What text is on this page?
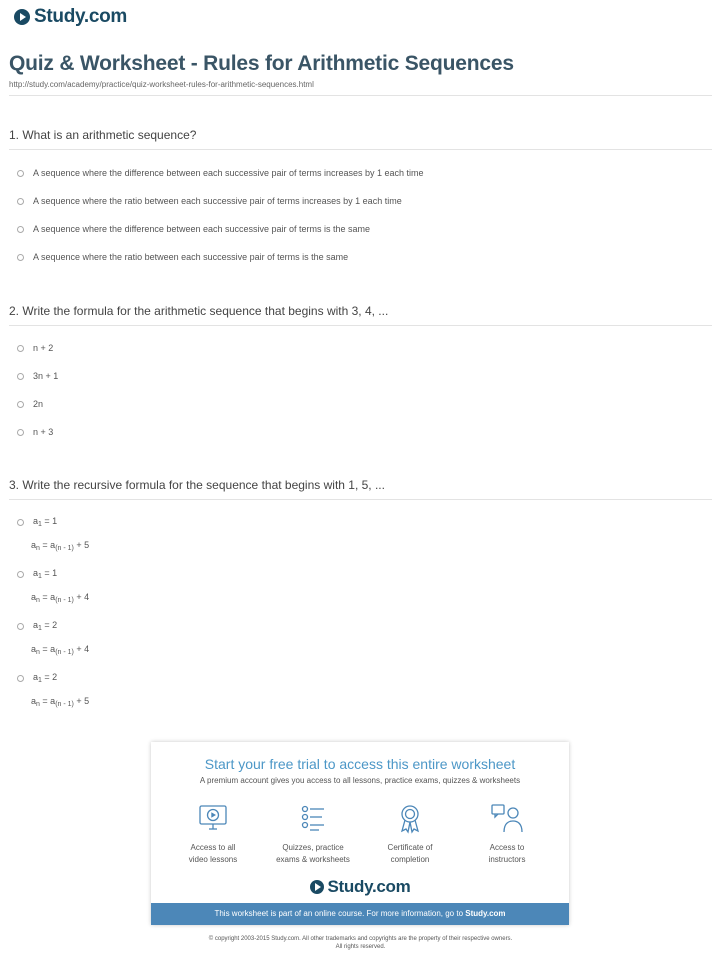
Study.com
Quiz & Worksheet - Rules for Arithmetic Sequences
http://study.com/academy/practice/quiz-worksheet-rules-for-arithmetic-sequences.html
1. What is an arithmetic sequence?
A sequence where the difference between each successive pair of terms increases by 1 each time
A sequence where the ratio between each successive pair of terms increases by 1 each time
A sequence where the difference between each successive pair of terms is the same
A sequence where the ratio between each successive pair of terms is the same
2. Write the formula for the arithmetic sequence that begins with 3, 4, ...
n + 2
3n + 1
2n
n + 3
3. Write the recursive formula for the sequence that begins with 1, 5, ...
$a_1 = 1$
$a_n = a_{(n - 1)} + 5$
$a_1 = 1$
$a_n = a_{(n - 1)} + 4$
$a_1 = 2$
$a_n = a_{(n - 1)} + 4$
$a_1 = 2$
$a_n = a_{(n - 1)} + 5$
Start your free trial to access this entire worksheet
A premium account gives you access to all lessons, practice exams, quizzes & worksheets
Access to all
video lessons
Quizzes, practice
exams & worksheets
Certificate of
completion
Access to
instructors
Study.com
This worksheet is part of an online course. For more information, go to Study.com
© copyright 2003-2015 Study.com. All other trademarks and copyrights are the property of their respective owners.
All rights reserved.
